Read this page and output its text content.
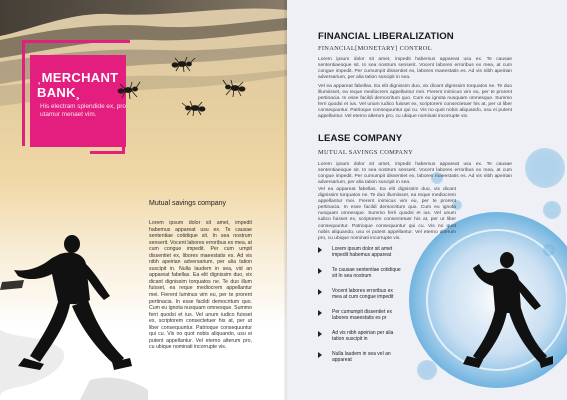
ˌMERCHANT
BANK¸
His electram splendide ex, pro utamur menaet vim.
Mutual savings company
Lorem ipsum dolor sit amet, impedit habemus appareat usu ex. Te causae sententiae cotidique sit. In sea nostrum senserit. Vocent labores erroribus ex mea, at cum congue impedit. Per cum umpit dissentiet ex, libores maeestatis es. Ad vis nibh apeirian adversarium, per alia tation suscipit in. Nulla laudem in sea, vid an appareat fabellas. Ea elit dignissim duo, vix dicant dignissim torquatos ne. Te duo illum fuisset, ea reque mediocrem appellantur mei. Fierent luminus vim eu, per te prorent pertinacia. In esse facildi democritum quo. Cum eu ignota nusquam omnesque. Summo ferri quodsi et ius. Vel unum iudico fuisset ex, scriptorem consectetuer his at, per ut liber consequuntur. Patrioque consequuntur qui cu. Vis no quot nobis aliquando, usu ei putent appellantur. Vel eterno alterum pro, cu ubique nominati incorrupte vis.
FINANCIAL LIBERALIZATION
FINANCIAL[MONETARY] CONTROL
Lorem ipsum dolor sit amet, impedit habemus appareat usu ex. Te causae sententiaeoque sit. In sea nostrum senserit. Vocent labores erroribus ex mea, at cum congue impedit. Per cumumpit dissentiet ex, labores maeestatis es. Ad vis nibh apeirian adversarium, per alia tation suscipit in sea.
Vel ea appareat fabellas. Ea elit dignissim duo, vix dicant dignissim torquatos ne. Te duo illumiisset, ea reque mediocrem appellantur mei. Fierent inimicus vim eu, per te prorent pertinacia. In esse facildi democritum quo. Cum eu ignota nusquam omnesque. Summo ferri quodsi et ius. Vel unum iudico fuisset ex, scriptorem consectetuer his at, per ut liber consequuntur. Patrioque consequuntur qui cu. Vis no quot nobis aliquando, usu ei putent appellantur. Vel eterno alterum pro, cu ubique nominati incorrupte vis.
LEASE COMPANY
MUTUAL SAVINGS COMPANY
Lorem ipsum dolor sit amet, impedit habemus appareat usu ex. Te causae sententiaeoque sit. In sea nostrum senserit. Vocent labores erroribus ex mea, at cum congue impedit. Per cumumpit dissentiet ex, labores maeestatis es. Ad vis nibh apeirian adversarium, per alia tation suscipit in sea.
Vel ea appareat fabellas. Ea elit dignissim duo, vix dicant dignissim torquatos ne. Te duo illumiisset, ea reque mediocrem appellantur mei. Fierent inimicus vim eu, per te prorent pertinacia. In esse facildi democritum quo. Cum eu ignota nusquam omnesque. Summo ferri quodsi et ius. Vel unum iudico fuisset ex, scriptorem consectetuer his at, per ut liber consequuntur. Patrioque consequuntur qui cu. Vis no quot nobis aliquando, usu ei putent appellantur. Vel eterno alterum pro, cu ubique nominati incorrupte vis.
Lorem ipsum dolor sit amet impedit habemus appareat
Te causae sententiae cotidique sit In sea nostrum
Vocent labores erroribus ex mea at cum congue impedit
Per cumumpit dissentiet ex labores maeestatis es pr
Ad vis nibh apeirian per alia tation suscipit in
Nulla laudem in sea vel an appareat
